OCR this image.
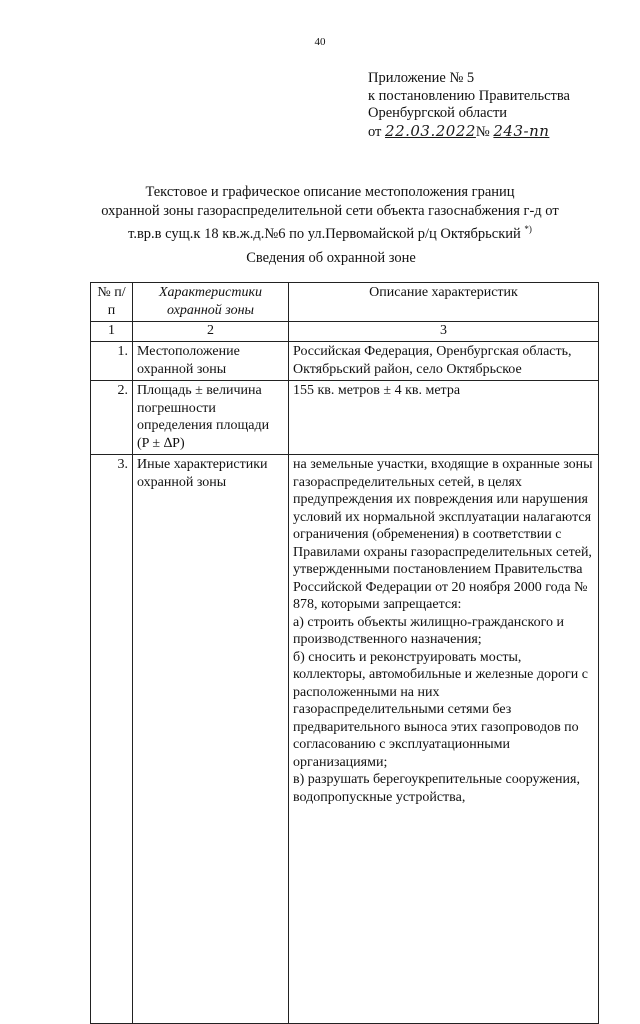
40
Приложение № 5
к постановлению Правительства
Оренбургской области
от 22.03.2022№ 243-пп
Текстовое и графическое описание местоположения границ
охранной зоны газораспределительной сети объекта газоснабжения г-д от
т.вр.в сущ.к 18 кв.ж.д.№6 по ул.Первомайской р/ц Октябрьский *)
Сведения об охранной зоне
№ п/п	Характеристики охранной зоны	Описание характеристик
1	2	3
1.	Местоположение охранной зоны	Российская Федерация, Оренбургская область, Октябрьский район, село Октябрьское
2.	Площадь ± величина погрешности определения площади (P ± ∆P)	155 кв. метров ± 4 кв. метра
3.	Иные характеристики охранной зоны	на земельные участки, входящие в охранные зоны газораспределительных сетей, в целях предупреждения их повреждения или нарушения условий их нормальной эксплуатации налагаются ограничения (обременения) в соответствии с Правилами охраны газораспределительных сетей, утвержденными постановлением Правительства Российской Федерации от 20 ноября 2000 года № 878, которыми запрещается:
а) строить объекты жилищно-гражданского и производственного назначения;
б) сносить и реконструировать мосты, коллекторы, автомобильные и железные дороги с расположенными на них газораспределительными сетями без предварительного выноса этих газопроводов по согласованию с эксплуатационными организациями;
в) разрушать берегоукрепительные сооружения, водопропускные устройства,
